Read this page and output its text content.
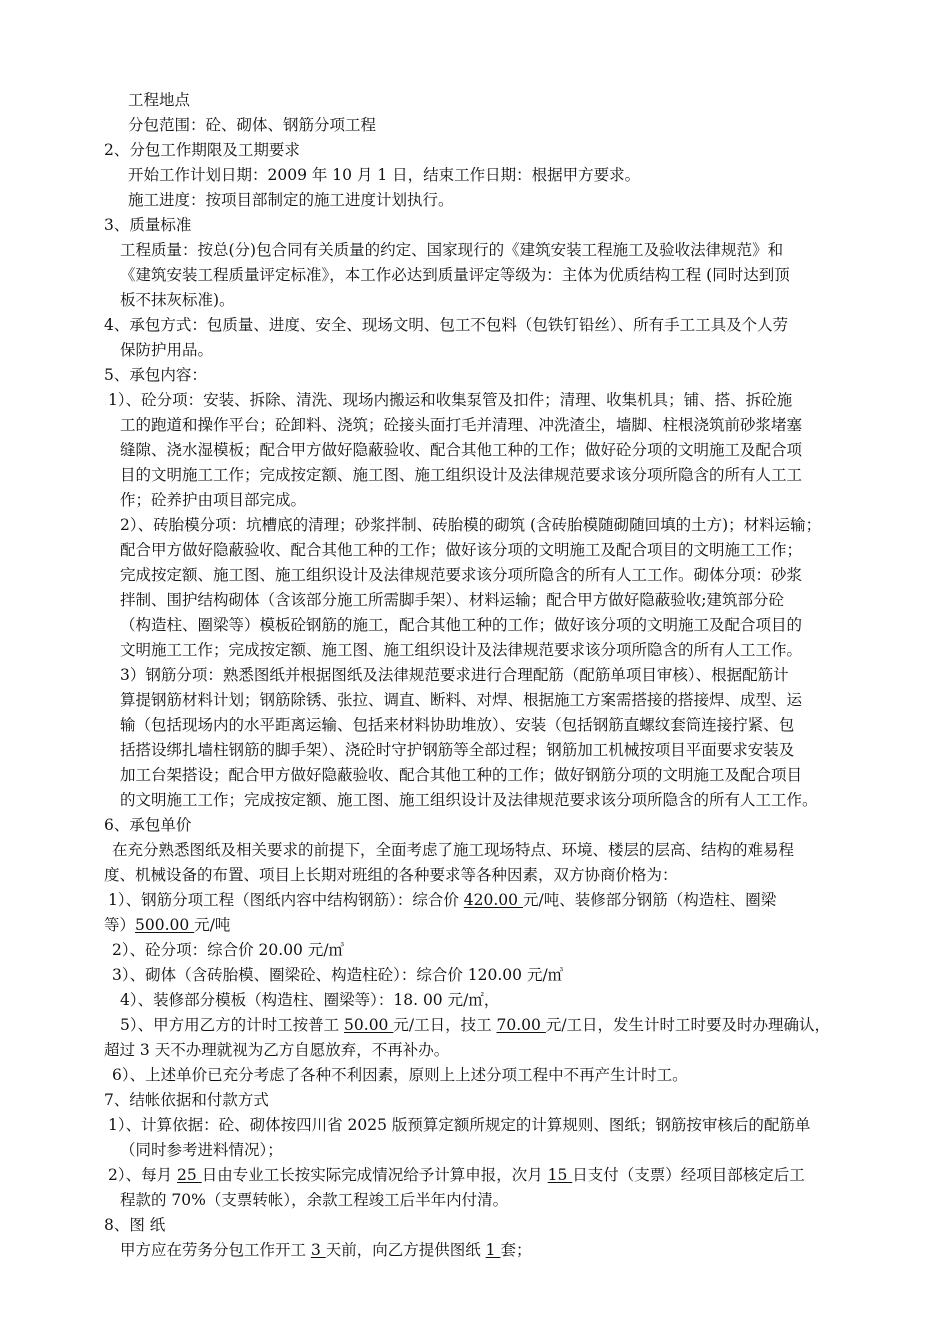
工程地点
分包范围：砼、砌体、钢筋分项工程
2、分包工作期限及工期要求
开始工作计划日期：2009 年 10 月 1 日，结束工作日期：根据甲方要求。
施工进度：按项目部制定的施工进度计划执行。
3、质量标准
工程质量：按总(分)包合同有关质量的约定、国家现行的《建筑安装工程施工及验收法律规范》和
《建筑安装工程质量评定标准》，本工作必达到质量评定等级为：主体为优质结构工程 (同时达到顶
板不抹灰标准)。
4、承包方式：包质量、进度、安全、现场文明、包工不包料（包铁钉铅丝）、所有手工工具及个人劳
保防护用品。
5、承包内容：
1）、砼分项：安装、拆除、清洗、现场内搬运和收集泵管及扣件；清理、收集机具；铺、搭、拆砼施
工的跑道和操作平台；砼卸料、浇筑；砼接头面打毛并清理、冲洗渣尘，墙脚、柱根浇筑前砂浆堵塞
缝隙、浇水湿模板；配合甲方做好隐蔽验收、配合其他工种的工作；做好砼分项的文明施工及配合项
目的文明施工工作；完成按定额、施工图、施工组织设计及法律规范要求该分项所隐含的所有人工工
作；砼养护由项目部完成。
2）、砖胎模分项：坑槽底的清理；砂浆拌制、砖胎模的砌筑 (含砖胎模随砌随回填的土方)；材料运输；
配合甲方做好隐蔽验收、配合其他工种的工作；做好该分项的文明施工及配合项目的文明施工工作；
完成按定额、施工图、施工组织设计及法律规范要求该分项所隐含的所有人工工作。砌体分项：砂浆
拌制、围护结构砌体（含该部分施工所需脚手架）、材料运输；配合甲方做好隐蔽验收;建筑部分砼
（构造柱、圈梁等）模板砼钢筋的施工，配合其他工种的工作；做好该分项的文明施工及配合项目的
文明施工工作；完成按定额、施工图、施工组织设计及法律规范要求该分项所隐含的所有人工工作。
3）钢筋分项：熟悉图纸并根据图纸及法律规范要求进行合理配筋（配筋单项目审核）、根据配筋计
算提钢筋材料计划；钢筋除锈、张拉、调直、断料、对焊、根据施工方案需搭接的搭接焊、成型、运
输（包括现场内的水平距离运输、包括来材料协助堆放）、安装（包括钢筋直螺纹套筒连接拧紧、包
括搭设绑扎墙柱钢筋的脚手架）、浇砼时守护钢筋等全部过程；钢筋加工机械按项目平面要求安装及
加工台架搭设；配合甲方做好隐蔽验收、配合其他工种的工作；做好钢筋分项的文明施工及配合项目
的文明施工工作；完成按定额、施工图、施工组织设计及法律规范要求该分项所隐含的所有人工工作。
6、承包单价
在充分熟悉图纸及相关要求的前提下，全面考虑了施工现场特点、环境、楼层的层高、结构的难易程
度、机械设备的布置、项目上长期对班组的各种要求等各种因素，双方协商价格为：
1）、钢筋分项工程（图纸内容中结构钢筋）：综合价 420.00 元/吨、装修部分钢筋（构造柱、圈梁
等）500.00 元/吨
2）、砼分项：综合价 20.00 元/㎥
3）、砌体（含砖胎模、圈梁砼、构造柱砼）：综合价 120.00 元/㎥
4）、装修部分模板（构造柱、圈梁等）：18. 00 元/㎡，
5）、甲方用乙方的计时工按普工 50.00 元/工日，技工 70.00 元/工日，发生计时工时要及时办理确认，
超过 3 天不办理就视为乙方自愿放弃，不再补办。
6）、上述单价已充分考虑了各种不利因素，原则上上述分项工程中不再产生计时工。
7、结帐依据和付款方式
1）、计算依据：砼、砌体按四川省 2025 版预算定额所规定的计算规则、图纸；钢筋按审核后的配筋单
（同时参考进料情况）；
2）、每月 25 日由专业工长按实际完成情况给予计算申报，次月 15 日支付（支票）经项目部核定后工
程款的 70%（支票转帐），余款工程竣工后半年内付清。
8、图 纸
甲方应在劳务分包工作开工 3 天前，向乙方提供图纸 1 套；
